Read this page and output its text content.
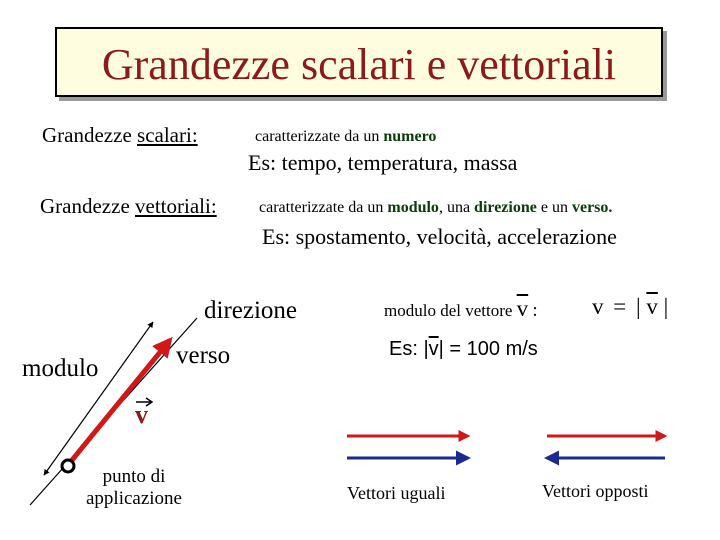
Grandezze scalari e vettoriali
Grandezze scalari:	caratterizzate da un numero
Es: tempo, temperatura, massa
Grandezze vettoriali:	caratterizzate da un modulo, una direzione e un verso.
Es: spostamento, velocità, accelerazione
direzione
verso
modulo
v
punto di
applicazione
modulo del vettore $\overline{v}$ : v = | $\overline{v}$ |
Es: $|\overline{v}| = 100$ m/s
Vettori uguali	Vettori opposti
